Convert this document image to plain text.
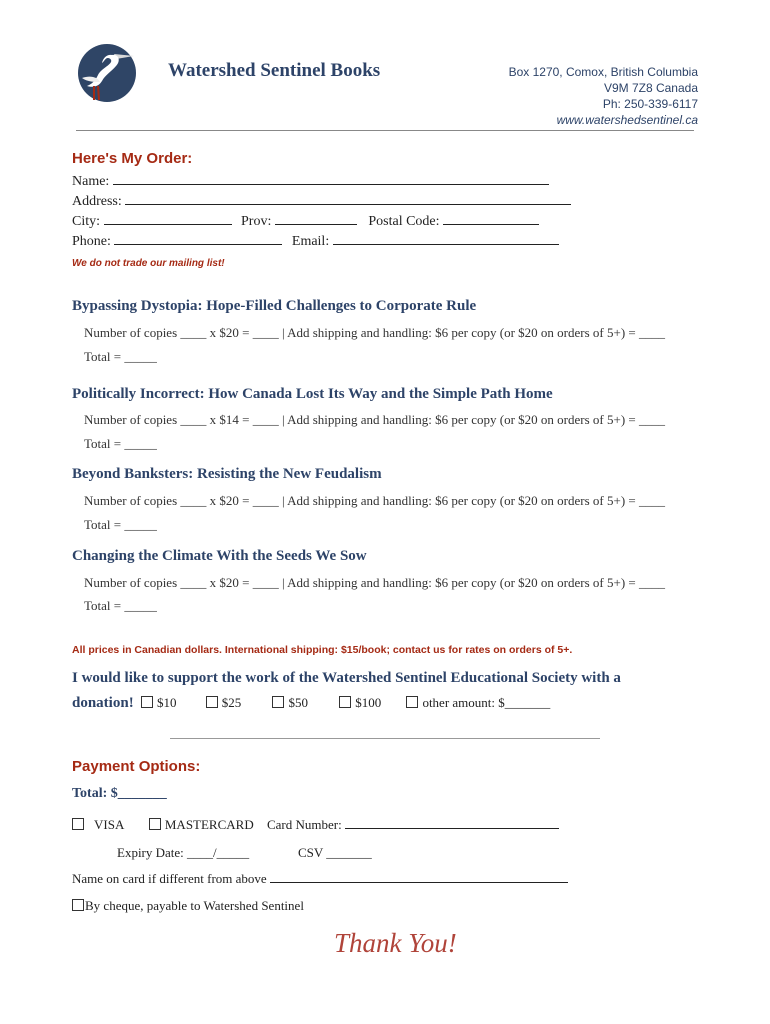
Watershed Sentinel Books	Box 1270, Comox, British Columbia
V9M 7Z8 Canada
Ph: 250-339-6117
www.watershedsentinel.ca
Here's My Order:
Name:
Address:
City:	Prov:	Postal Code:
Phone:	Email:
We do not trade our mailing list!
Bypassing Dystopia: Hope-Filled Challenges to Corporate Rule
Number of copies ____ x $20 = ____ | Add shipping and handling: $6 per copy (or $20 on orders of 5+) = ____
Total = _____
Politically Incorrect: How Canada Lost Its Way and the Simple Path Home
Number of copies ____ x $14 = ____ | Add shipping and handling: $6 per copy (or $20 on orders of 5+) = ____
Total = _____
Beyond Banksters: Resisting the New Feudalism
Number of copies ____ x $20 = ____ | Add shipping and handling: $6 per copy (or $20 on orders of 5+) = ____
Total = _____
Changing the Climate With the Seeds We Sow
Number of copies ____ x $20 = ____ | Add shipping and handling: $6 per copy (or $20 on orders of 5+) = ____
Total = _____
All prices in Canadian dollars. International shipping: $15/book; contact us for rates on orders of 5+.
I would like to support the work of the Watershed Sentinel Educational Society with a
donation! $10	$25	$50	$100	other amount: $_______
Payment Options:
Total: $_______
VISA	MASTERCARD Card Number:
Expiry Date: ____/_____	CSV _______
Name on card if different from above
By cheque, payable to Watershed Sentinel
Thank You!
